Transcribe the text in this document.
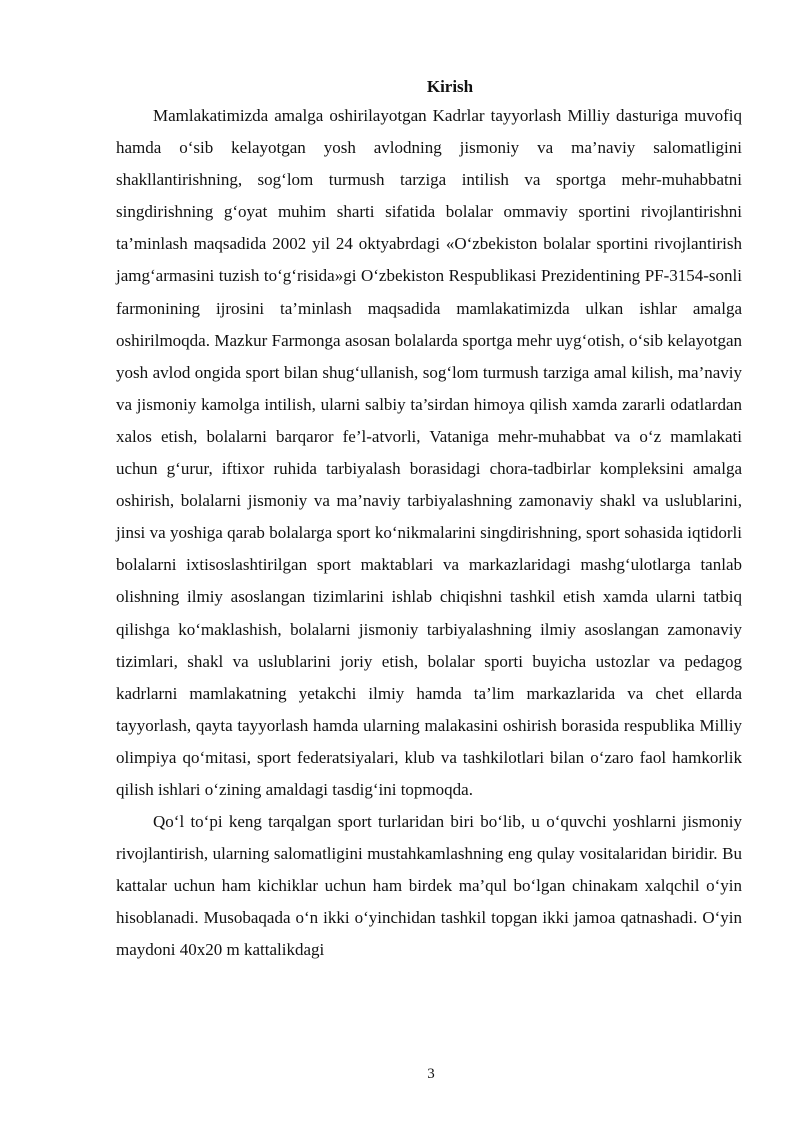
Kirish

Mamlakatimizda amalga oshirilayotgan Kadrlar tayyorlash Milliy dasturiga muvofiq hamda o‘sib kelayotgan yosh avlodning jismoniy va ma’naviy salomatligini shakllantirishning, sog‘lom turmush tarziga intilish va sportga mehr-muhabbatni singdirishning g‘oyat muhim sharti sifatida bolalar ommaviy sportini rivojlantirishni ta’minlash maqsadida 2002 yil 24 oktyabrdagi «O‘zbekiston bolalar sportini rivojlantirish jamg‘armasini tuzish to‘g‘risida»gi O‘zbekiston Respublikasi Prezidentining PF-3154-sonli farmonining ijrosini ta’minlash maqsadida mamlakatimizda ulkan ishlar amalga oshirilmoqda. Mazkur Farmonga asosan bolalarda sportga mehr uyg‘otish, o‘sib kelayotgan yosh avlod ongida sport bilan shug‘ullanish, sog‘lom turmush tarziga amal kilish, ma’naviy va jismoniy kamolga intilish, ularni salbiy ta’sirdan himoya qilish xamda zararli odatlardan xalos etish, bolalarni barqaror fe’l-atvorli, Vataniga mehr-muhabbat va o‘z mamlakati uchun g‘urur, iftixor ruhida tarbiyalash borasidagi chora-tadbirlar kompleksini amalga oshirish, bolalarni jismoniy va ma’naviy tarbiyalashning zamonaviy shakl va uslublarini, jinsi va yoshiga qarab bolalarga sport ko‘nikmalarini singdirishning, sport sohasida iqtidorli bolalarni ixtisoslashtirilgan sport maktablari va markazlaridagi mashg‘ulotlarga tanlab olishning ilmiy asoslangan tizimlarini ishlab chiqishni tashkil etish xamda ularni tatbiq qilishga ko‘maklashish, bolalarni jismoniy tarbiyalashning ilmiy asoslangan zamonaviy tizimlari, shakl va uslublarini joriy etish, bolalar sporti buyicha ustozlar va pedagog kadrlarni mamlakatning yetakchi ilmiy hamda ta’lim markazlarida va chet ellarda tayyorlash, qayta tayyorlash hamda ularning malakasini oshirish borasida respublika Milliy olimpiya qo‘mitasi, sport federatsiyalari, klub va tashkilotlari bilan o‘zaro faol hamkorlik qilish ishlari o‘zining amaldagi tasdig‘ini topmoqda.

Qo‘l to‘pi keng tarqalgan sport turlaridan biri bo‘lib, u o‘quvchi yoshlarni jismoniy rivojlantirish, ularning salomatligini mustahkamlashning eng qulay vositalaridan biridir. Bu kattalar uchun ham kichiklar uchun ham birdek ma’qul bo‘lgan chinakam xalqchil o‘yin hisoblanadi. Musobaqada o‘n ikki o‘yinchidan tashkil topgan ikki jamoa qatnashadi. O‘yin maydoni 40x20 m kattalikdagi

3
